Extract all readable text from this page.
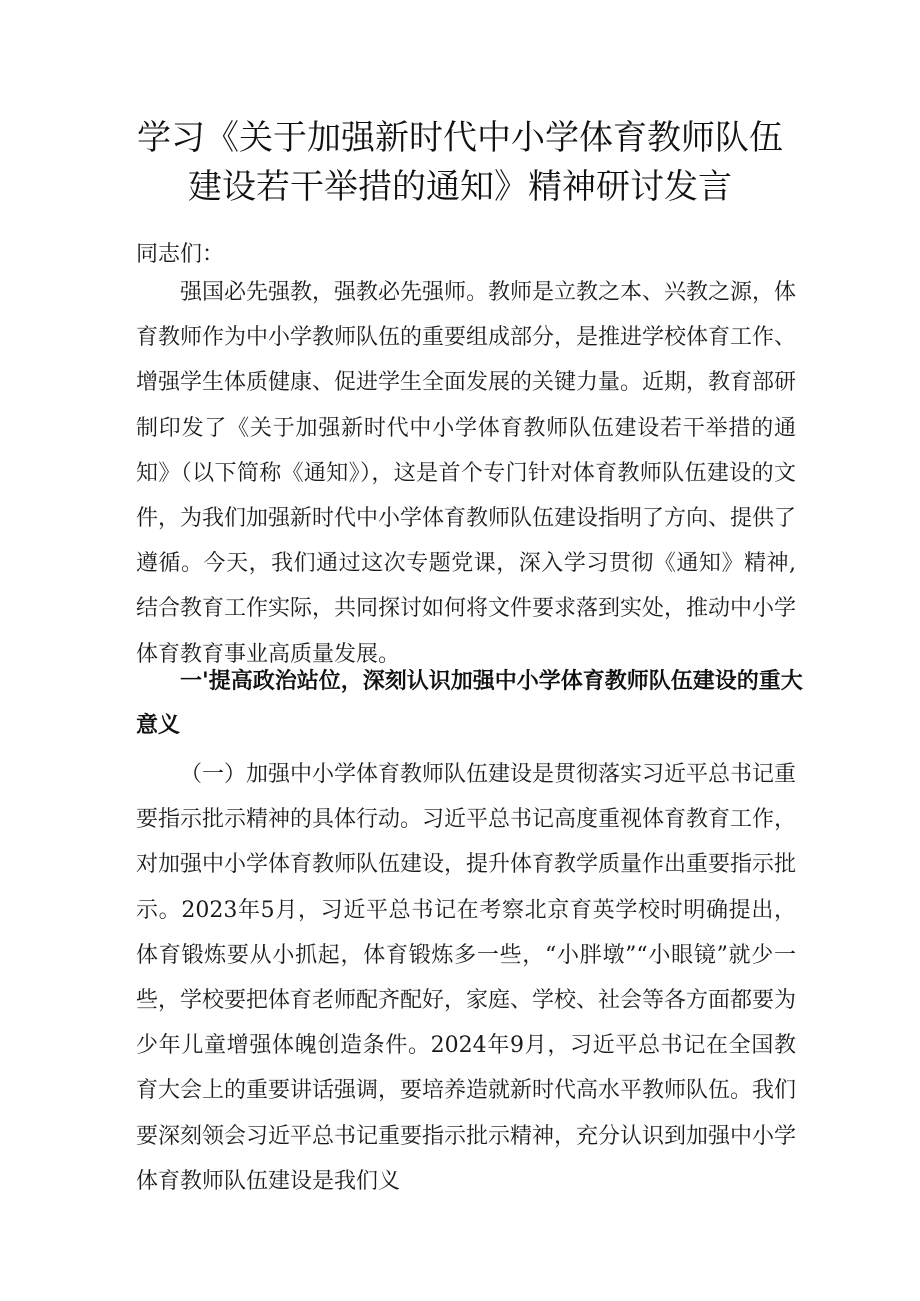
学习《关于加强新时代中小学体育教师队伍
建设若干举措的通知》精神研讨发言

同志们：

强国必先强教，强教必先强师。教师是立教之本、兴教之源，体育教师作为中小学教师队伍的重要组成部分，是推进学校体育工作、增强学生体质健康、促进学生全面发展的关键力量。近期，教育部研制印发了《关于加强新时代中小学体育教师队伍建设若干举措的通知》（以下简称《通知》），这是首个专门针对体育教师队伍建设的文件，为我们加强新时代中小学体育教师队伍建设指明了方向、提供了遵循。今天，我们通过这次专题党课，深入学习贯彻《通知》精神,结合教育工作实际，共同探讨如何将文件要求落到实处，推动中小学体育教育事业高质量发展。

一'提高政治站位，深刻认识加强中小学体育教师队伍建设的重大意义

（一）加强中小学体育教师队伍建设是贯彻落实习近平总书记重要指示批示精神的具体行动。习近平总书记高度重视体育教育工作，对加强中小学体育教师队伍建设，提升体育教学质量作出重要指示批示。2023年5月，习近平总书记在考察北京育英学校时明确提出，体育锻炼要从小抓起，体育锻炼多一些，“小胖墩”“小眼镜”就少一些，学校要把体育老师配齐配好，家庭、学校、社会等各方面都要为少年儿童增强体魄创造条件。2024年9月，习近平总书记在全国教育大会上的重要讲话强调，要培养造就新时代高水平教师队伍。我们要深刻领会习近平总书记重要指示批示精神，充分认识到加强中小学体育教师队伍建设是我们义
